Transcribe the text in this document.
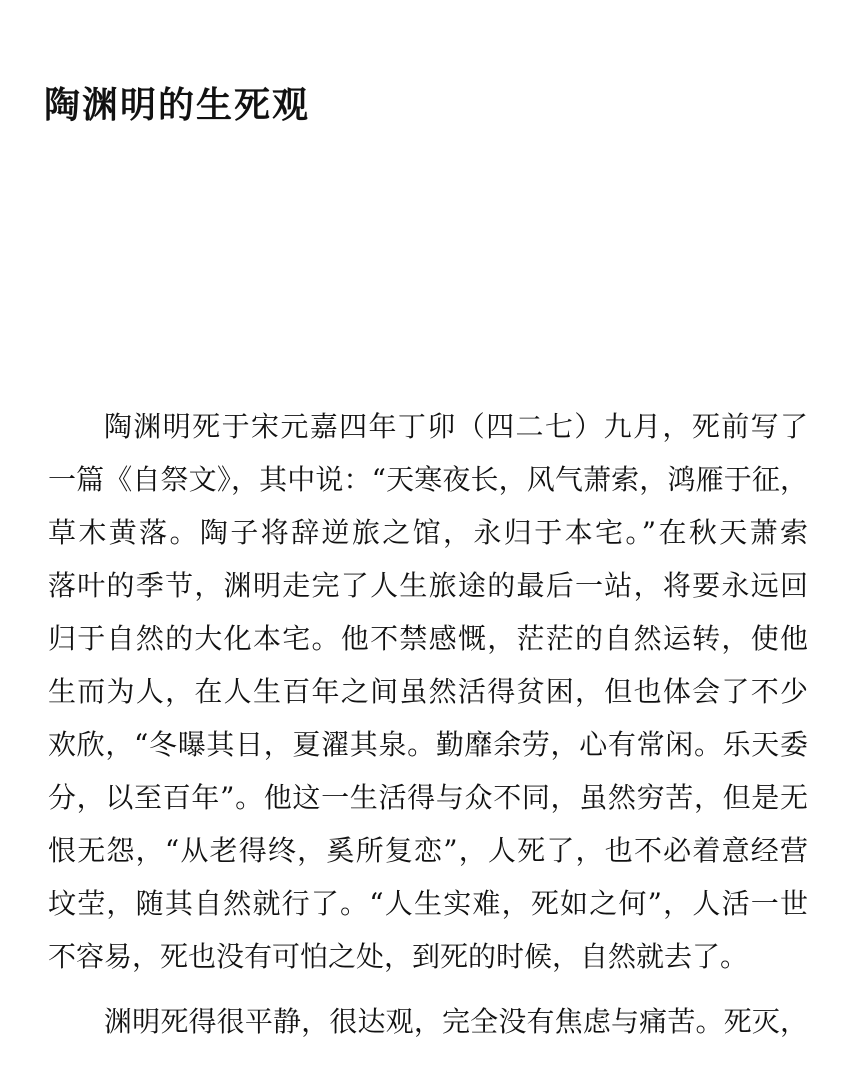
陶渊明的生死观
陶渊明死于宋元嘉四年丁卯（四二七）九月，死前写了
一篇《自祭文》，其中说：“天寒夜长，风气萧索，鸿雁于征，
草木黄落。陶子将辞逆旅之馆，永归于本宅。”在秋天萧索
落叶的季节，渊明走完了人生旅途的最后一站，将要永远回
归于自然的大化本宅。他不禁感慨，茫茫的自然运转，使他
生而为人，在人生百年之间虽然活得贫困，但也体会了不少
欢欣，“冬曝其日，夏濯其泉。勤靡余劳，心有常闲。乐天委
分，以至百年”。他这一生活得与众不同，虽然穷苦，但是无
恨无怨，“从老得终，奚所复恋”，人死了，也不必着意经营
坟茔，随其自然就行了。“人生实难，死如之何”，人活一世
不容易，死也没有可怕之处，到死的时候，自然就去了。
渊明死得很平静，很达观，完全没有焦虑与痛苦。死灭，
